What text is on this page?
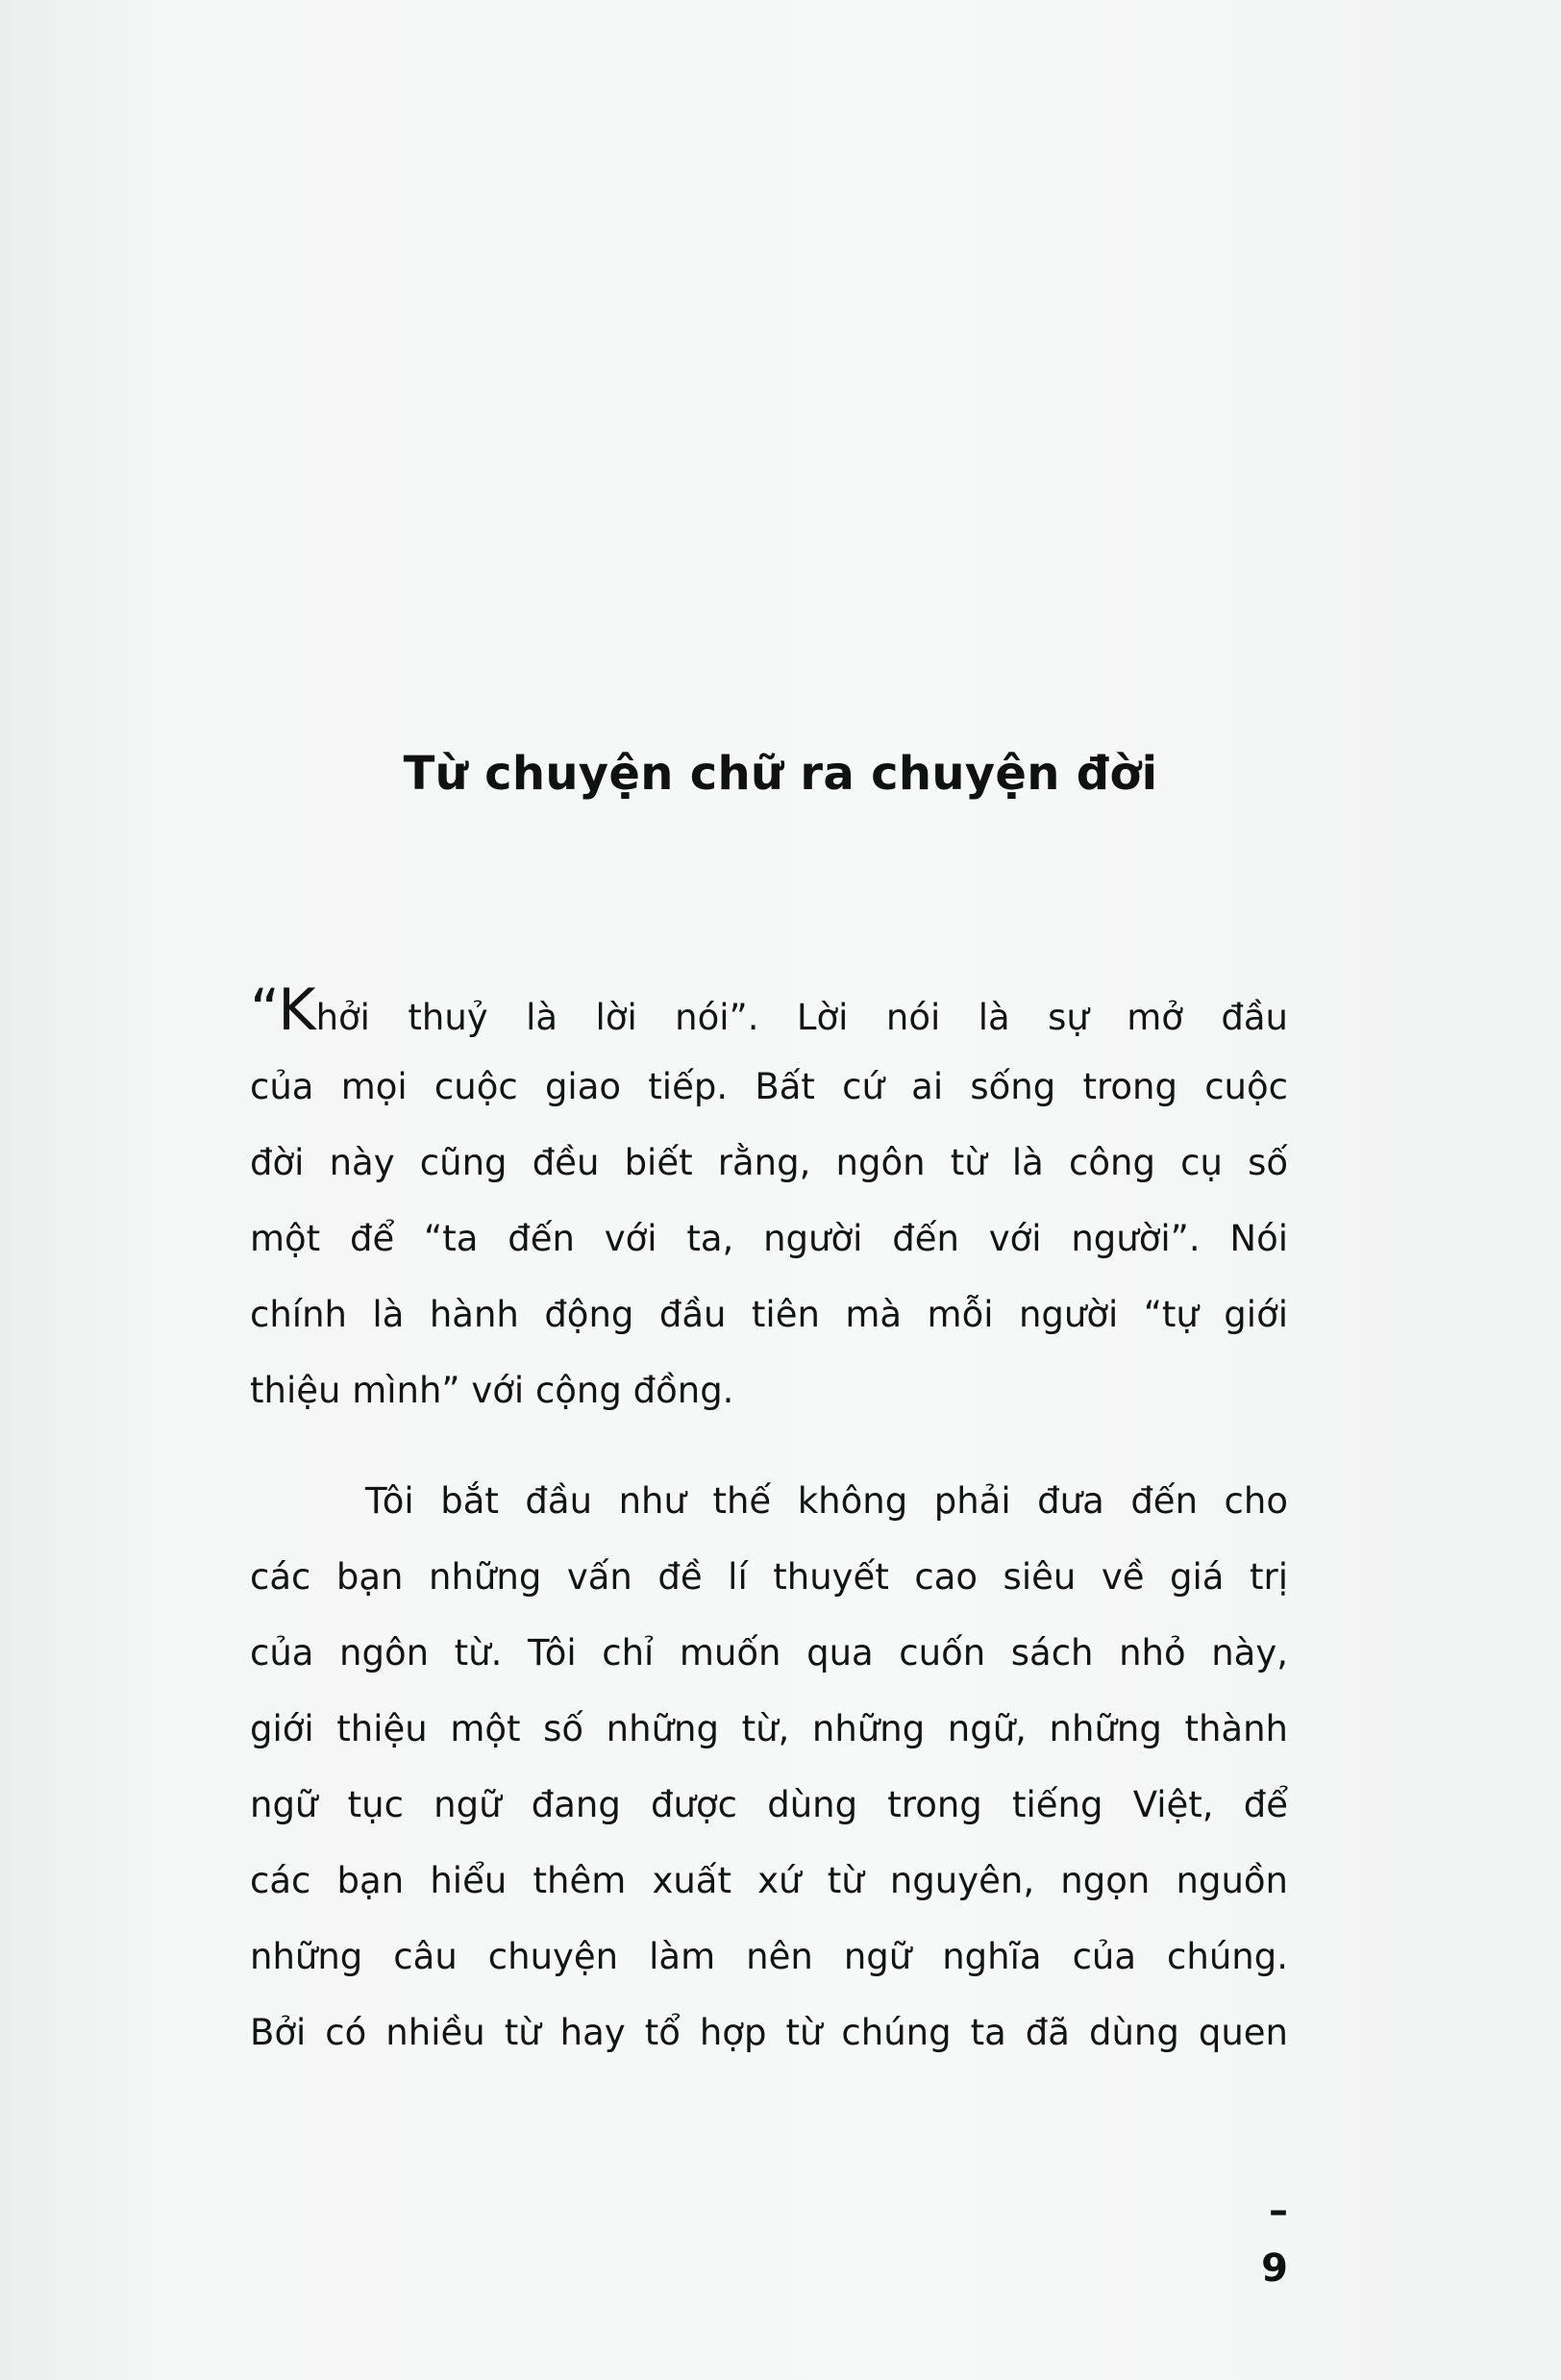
Từ chuyện chữ ra chuyện đời

“Khởi thuỷ là lời nói”. Lời nói là sự mở đầu
của mọi cuộc giao tiếp. Bất cứ ai sống trong cuộc
đời này cũng đều biết rằng, ngôn từ là công cụ số
một để “ta đến với ta, người đến với người”. Nói
chính là hành động đầu tiên mà mỗi người “tự giới
thiệu mình” với cộng đồng.

Tôi bắt đầu như thế không phải đưa đến cho
các bạn những vấn đề lí thuyết cao siêu về giá trị
của ngôn từ. Tôi chỉ muốn qua cuốn sách nhỏ này,
giới thiệu một số những từ, những ngữ, những thành
ngữ tục ngữ đang được dùng trong tiếng Việt, để
các bạn hiểu thêm xuất xứ từ nguyên, ngọn nguồn
những câu chuyện làm nên ngữ nghĩa của chúng.
Bởi có nhiều từ hay tổ hợp từ chúng ta đã dùng quen

– 9
